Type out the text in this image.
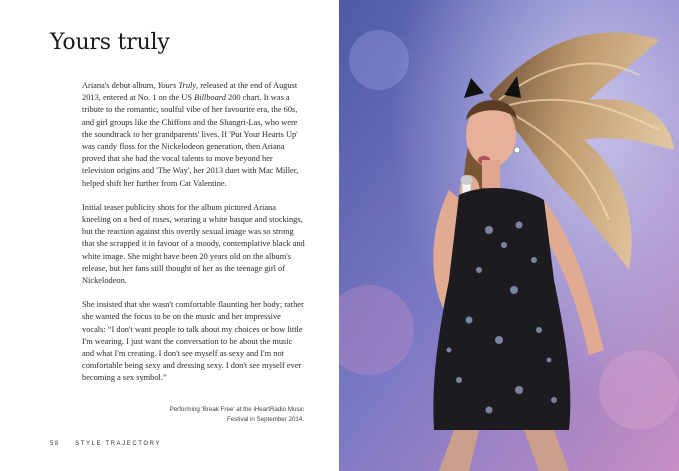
Yours truly

Ariana's debut album, Yours Truly, released at the end of August 2013, entered at No. 1 on the US Billboard 200 chart. It was a tribute to the romantic, soulful vibe of her favourite era, the 60s, and girl groups like the Chiffons and the Shangri-Las, who were the soundtrack to her grandparents' lives. If 'Put Your Hearts Up' was candy floss for the Nickelodeon generation, then Ariana proved that she had the vocal talents to move beyond her television origins and 'The Way', her 2013 duet with Mac Miller, helped shift her further from Cat Valentine.

Initial teaser publicity shots for the album pictured Ariana kneeling on a bed of roses, wearing a white basque and stockings, but the reaction against this overtly sexual image was so strong that she scrapped it in favour of a moody, contemplative black and white image. She might have been 20 years old on the album's release, but her fans still thought of her as the teenage girl of Nickelodeon.

She insisted that she wasn't comfortable flaunting her body; rather she wanted the focus to be on the music and her impressive vocals: “I don't want people to talk about my choices or how little I'm wearing. I just want the conversation to be about the music and what I'm creating. I don't see myself as sexy and I'm not comfortable being sexy and dressing sexy. I don't see myself ever becoming a sex symbol.”

Performing 'Break Free' at the iHeartRadio Music Festival in September 2014.
58	STYLE TRAJECTORY
